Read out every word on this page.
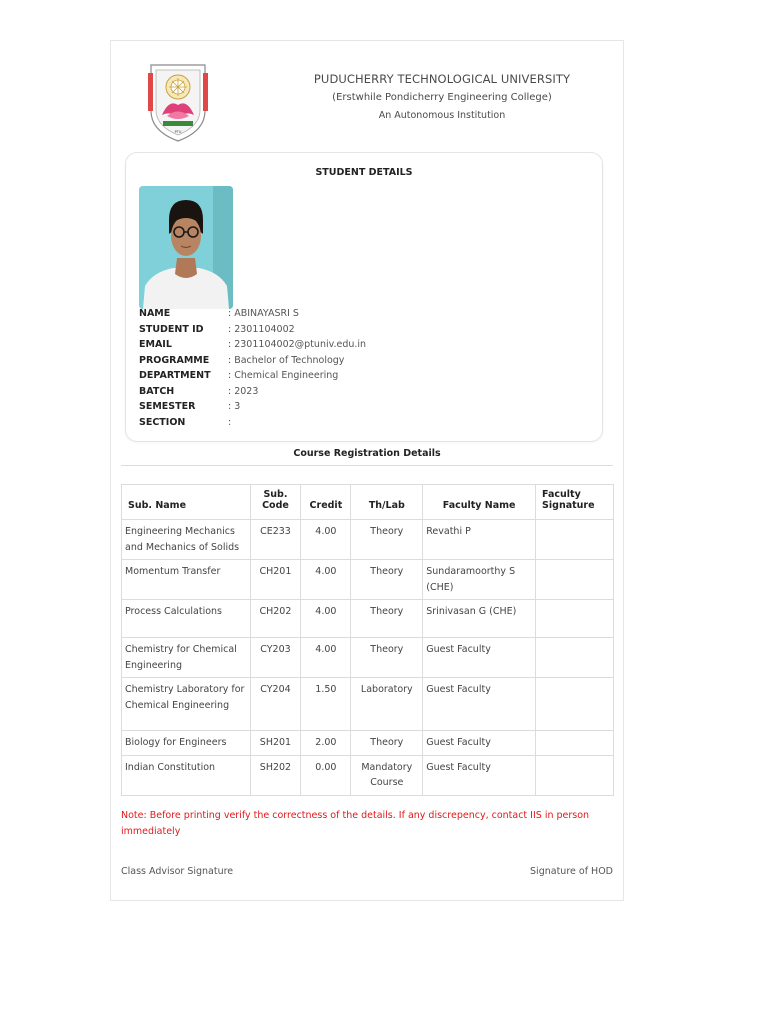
PTU
PUDUCHERRY TECHNOLOGICAL UNIVERSITY
(Erstwhile Pondicherry Engineering College)
An Autonomous Institution
STUDENT DETAILS
NAME	: ABINAYASRI S
STUDENT ID	: 2301104002
EMAIL	: 2301104002@ptuniv.edu.in
PROGRAMME	: Bachelor of Technology
DEPARTMENT	: Chemical Engineering
BATCH	: 2023
SEMESTER	: 3
SECTION	:
Course Registration Details
Sub. Name	Sub. Code	Credit	Th/Lab	Faculty Name	Faculty Signature
Engineering Mechanics and Mechanics of Solids	CE233	4.00	Theory	Revathi P	
Momentum Transfer	CH201	4.00	Theory	Sundaramoorthy S (CHE)	
Process Calculations	CH202	4.00	Theory	Srinivasan G (CHE)	
Chemistry for Chemical Engineering	CY203	4.00	Theory	Guest Faculty	
Chemistry Laboratory for Chemical Engineering	CY204	1.50	Laboratory	Guest Faculty	
Biology for Engineers	SH201	2.00	Theory	Guest Faculty	
Indian Constitution	SH202	0.00	Mandatory Course	Guest Faculty	
Note: Before printing verify the correctness of the details. If any discrepency, contact IIS in person immediately
Class Advisor Signature	Signature of HOD
